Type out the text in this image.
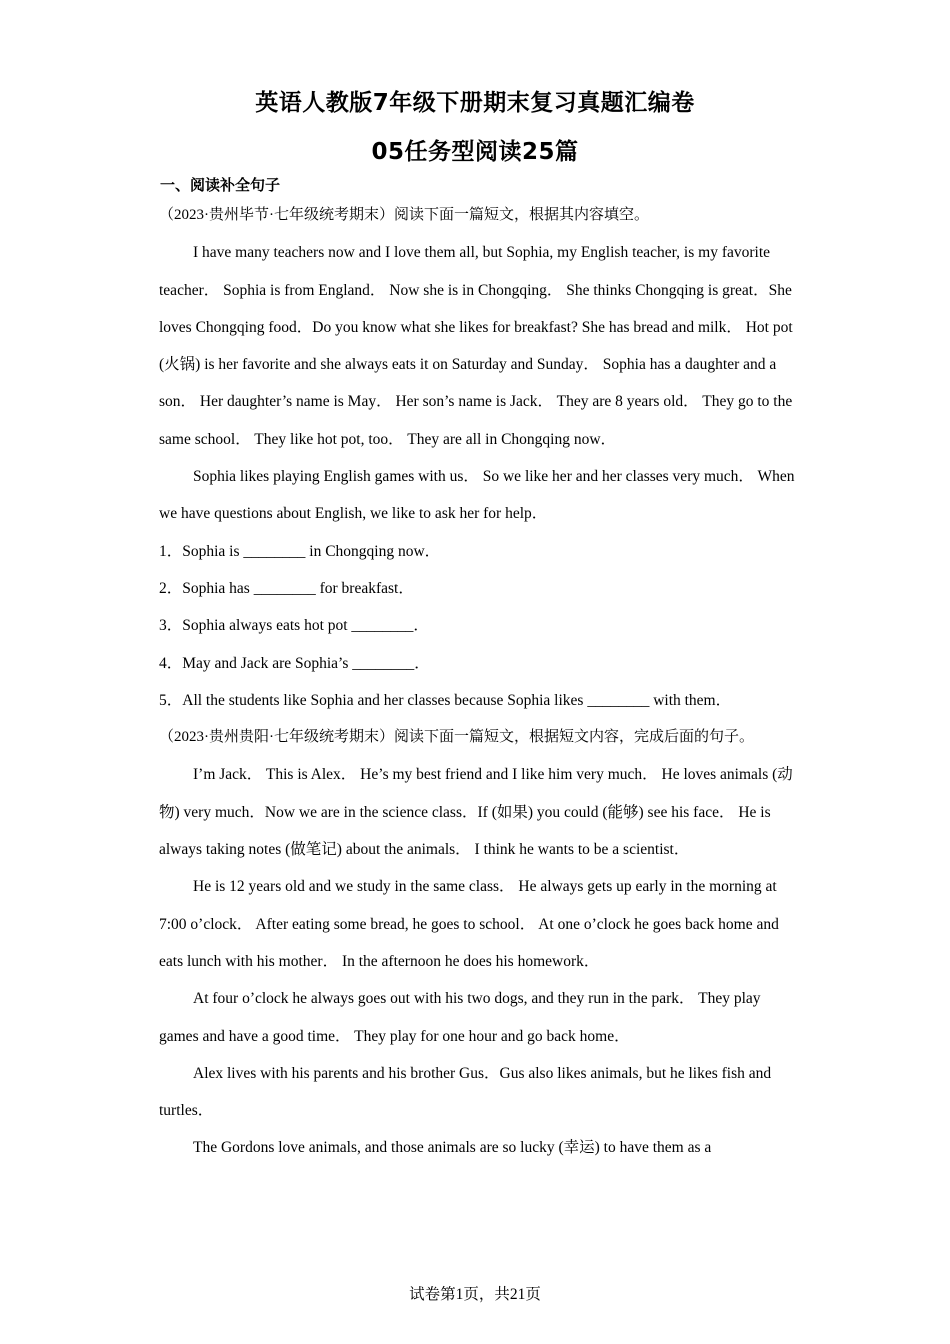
英语人教版7年级下册期末复习真题汇编卷
05任务型阅读25篇
一、阅读补全句子

（2023·贵州毕节·七年级统考期末）阅读下面一篇短文，根据其内容填空。

I have many teachers now and I love them all, but Sophia, my English teacher, is my favorite teacher． Sophia is from England． Now she is in Chongqing． She thinks Chongqing is great．She loves Chongqing food．Do you know what she likes for breakfast? She has bread and milk． Hot pot (火锅) is her favorite and she always eats it on Saturday and Sunday． Sophia has a daughter and a son． Her daughter’s name is May． Her son’s name is Jack． They are 8 years old． They go to the same school． They like hot pot, too． They are all in Chongqing now．

Sophia likes playing English games with us． So we like her and her classes very much． When we have questions about English, we like to ask her for help．

1．Sophia is ________ in Chongqing now．

2．Sophia has ________ for breakfast．

3．Sophia always eats hot pot ________．

4．May and Jack are Sophia’s ________．

5．All the students like Sophia and her classes because Sophia likes ________ with them．

（2023·贵州贵阳·七年级统考期末）阅读下面一篇短文，根据短文内容，完成后面的句子。

I’m Jack． This is Alex． He’s my best friend and I like him very much． He loves animals (动物) very much．Now we are in the science class．If (如果) you could (能够) see his face． He is always taking notes (做笔记) about the animals． I think he wants to be a scientist．

He is 12 years old and we study in the same class． He always gets up early in the morning at 7:00 o’clock． After eating some bread, he goes to school． At one o’clock he goes back home and eats lunch with his mother． In the afternoon he does his homework．

At four o’clock he always goes out with his two dogs, and they run in the park． They play games and have a good time． They play for one hour and go back home．

Alex lives with his parents and his brother Gus．Gus also likes animals, but he likes fish and turtles．

The Gordons love animals, and those animals are so lucky (幸运) to have them as a

试卷第1页，共21页
